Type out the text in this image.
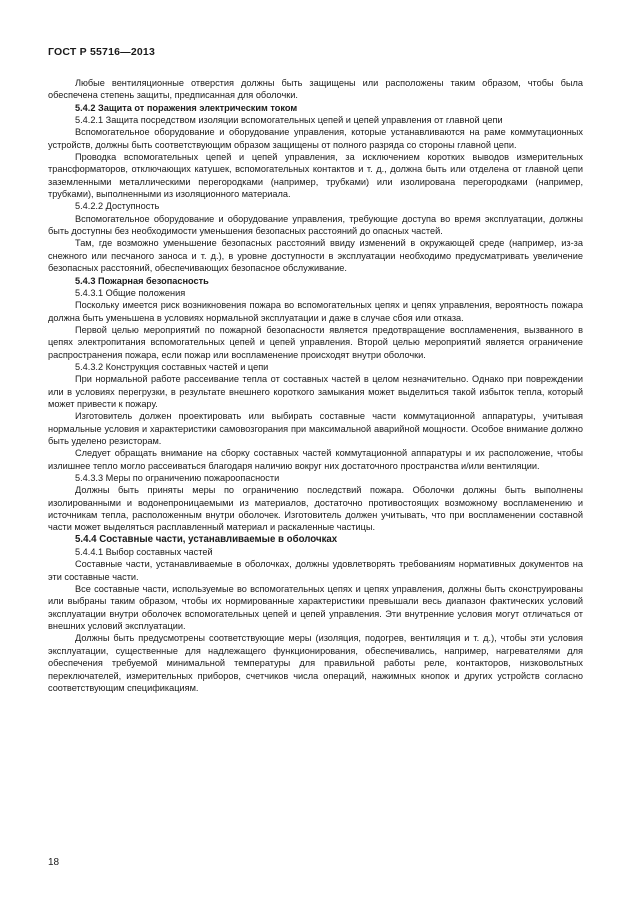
ГОСТ Р 55716—2013

Любые вентиляционные отверстия должны быть защищены или расположены таким образом, чтобы была обеспечена степень защиты, предписанная для оболочки.

5.4.2 Защита от поражения электрическим током

5.4.2.1 Защита посредством изоляции вспомогательных цепей и цепей управления от главной цепи

Вспомогательное оборудование и оборудование управления, которые устанавливаются на раме коммутационных устройств, должны быть соответствующим образом защищены от полного разряда со стороны главной цепи.

Проводка вспомогательных цепей и цепей управления, за исключением коротких выводов измерительных трансформаторов, отключающих катушек, вспомогательных контактов и т. д., должна быть или отделена от главной цепи заземленными металлическими перегородками (например, трубками) или изолирована перегородками (например, трубками), выполненными из изоляционного материала.

5.4.2.2 Доступность

Вспомогательное оборудование и оборудование управления, требующие доступа во время эксплуатации, должны быть доступны без необходимости уменьшения безопасных расстояний до опасных частей.

Там, где возможно уменьшение безопасных расстояний ввиду изменений в окружающей среде (например, из-за снежного или песчаного заноса и т. д.), в уровне доступности в эксплуатации необходимо предусматривать увеличение безопасных расстояний, обеспечивающих безопасное обслуживание.

5.4.3 Пожарная безопасность

5.4.3.1 Общие положения

Поскольку имеется риск возникновения пожара во вспомогательных цепях и цепях управления, вероятность пожара должна быть уменьшена в условиях нормальной эксплуатации и даже в случае сбоя или отказа.

Первой целью мероприятий по пожарной безопасности является предотвращение воспламенения, вызванного в цепях электропитания вспомогательных цепей и цепей управления. Второй целью мероприятий является ограничение распространения пожара, если пожар или воспламенение происходят внутри оболочки.

5.4.3.2 Конструкция составных частей и цепи

При нормальной работе рассеивание тепла от составных частей в целом незначительно. Однако при повреждении или в условиях перегрузки, в результате внешнего короткого замыкания может выделиться такой избыток тепла, который может привести к пожару.

Изготовитель должен проектировать или выбирать составные части коммутационной аппаратуры, учитывая нормальные условия и характеристики самовозгорания при максимальной аварийной мощности. Особое внимание должно быть уделено резисторам.

Следует обращать внимание на сборку составных частей коммутационной аппаратуры и их расположение, чтобы излишнее тепло могло рассеиваться благодаря наличию вокруг них достаточного пространства и/или вентиляции.

5.4.3.3 Меры по ограничению пожароопасности

Должны быть приняты меры по ограничению последствий пожара. Оболочки должны быть выполнены изолированными и водонепроницаемыми из материалов, достаточно противостоящих возможному воспламенению и источникам тепла, расположенным внутри оболочек. Изготовитель должен учитывать, что при воспламенении составной части может выделяться расплавленный материал и раскаленные частицы.

5.4.4 Составные части, устанавливаемые в оболочках

5.4.4.1 Выбор составных частей

Составные части, устанавливаемые в оболочках, должны удовлетворять требованиям нормативных документов на эти составные части.

Все составные части, используемые во вспомогательных цепях и цепях управления, должны быть сконструированы или выбраны таким образом, чтобы их нормированные характеристики превышали весь диапазон фактических условий эксплуатации внутри оболочек вспомогательных цепей и цепей управления. Эти внутренние условия могут отличаться от внешних условий эксплуатации.

Должны быть предусмотрены соответствующие меры (изоляция, подогрев, вентиляция и т. д.), чтобы эти условия эксплуатации, существенные для надлежащего функционирования, обеспечивались, например, нагревателями для обеспечения требуемой минимальной температуры для правильной работы реле, контакторов, низковольтных переключателей, измерительных приборов, счетчиков числа операций, нажимных кнопок и других устройств согласно соответствующим спецификациям.

18
